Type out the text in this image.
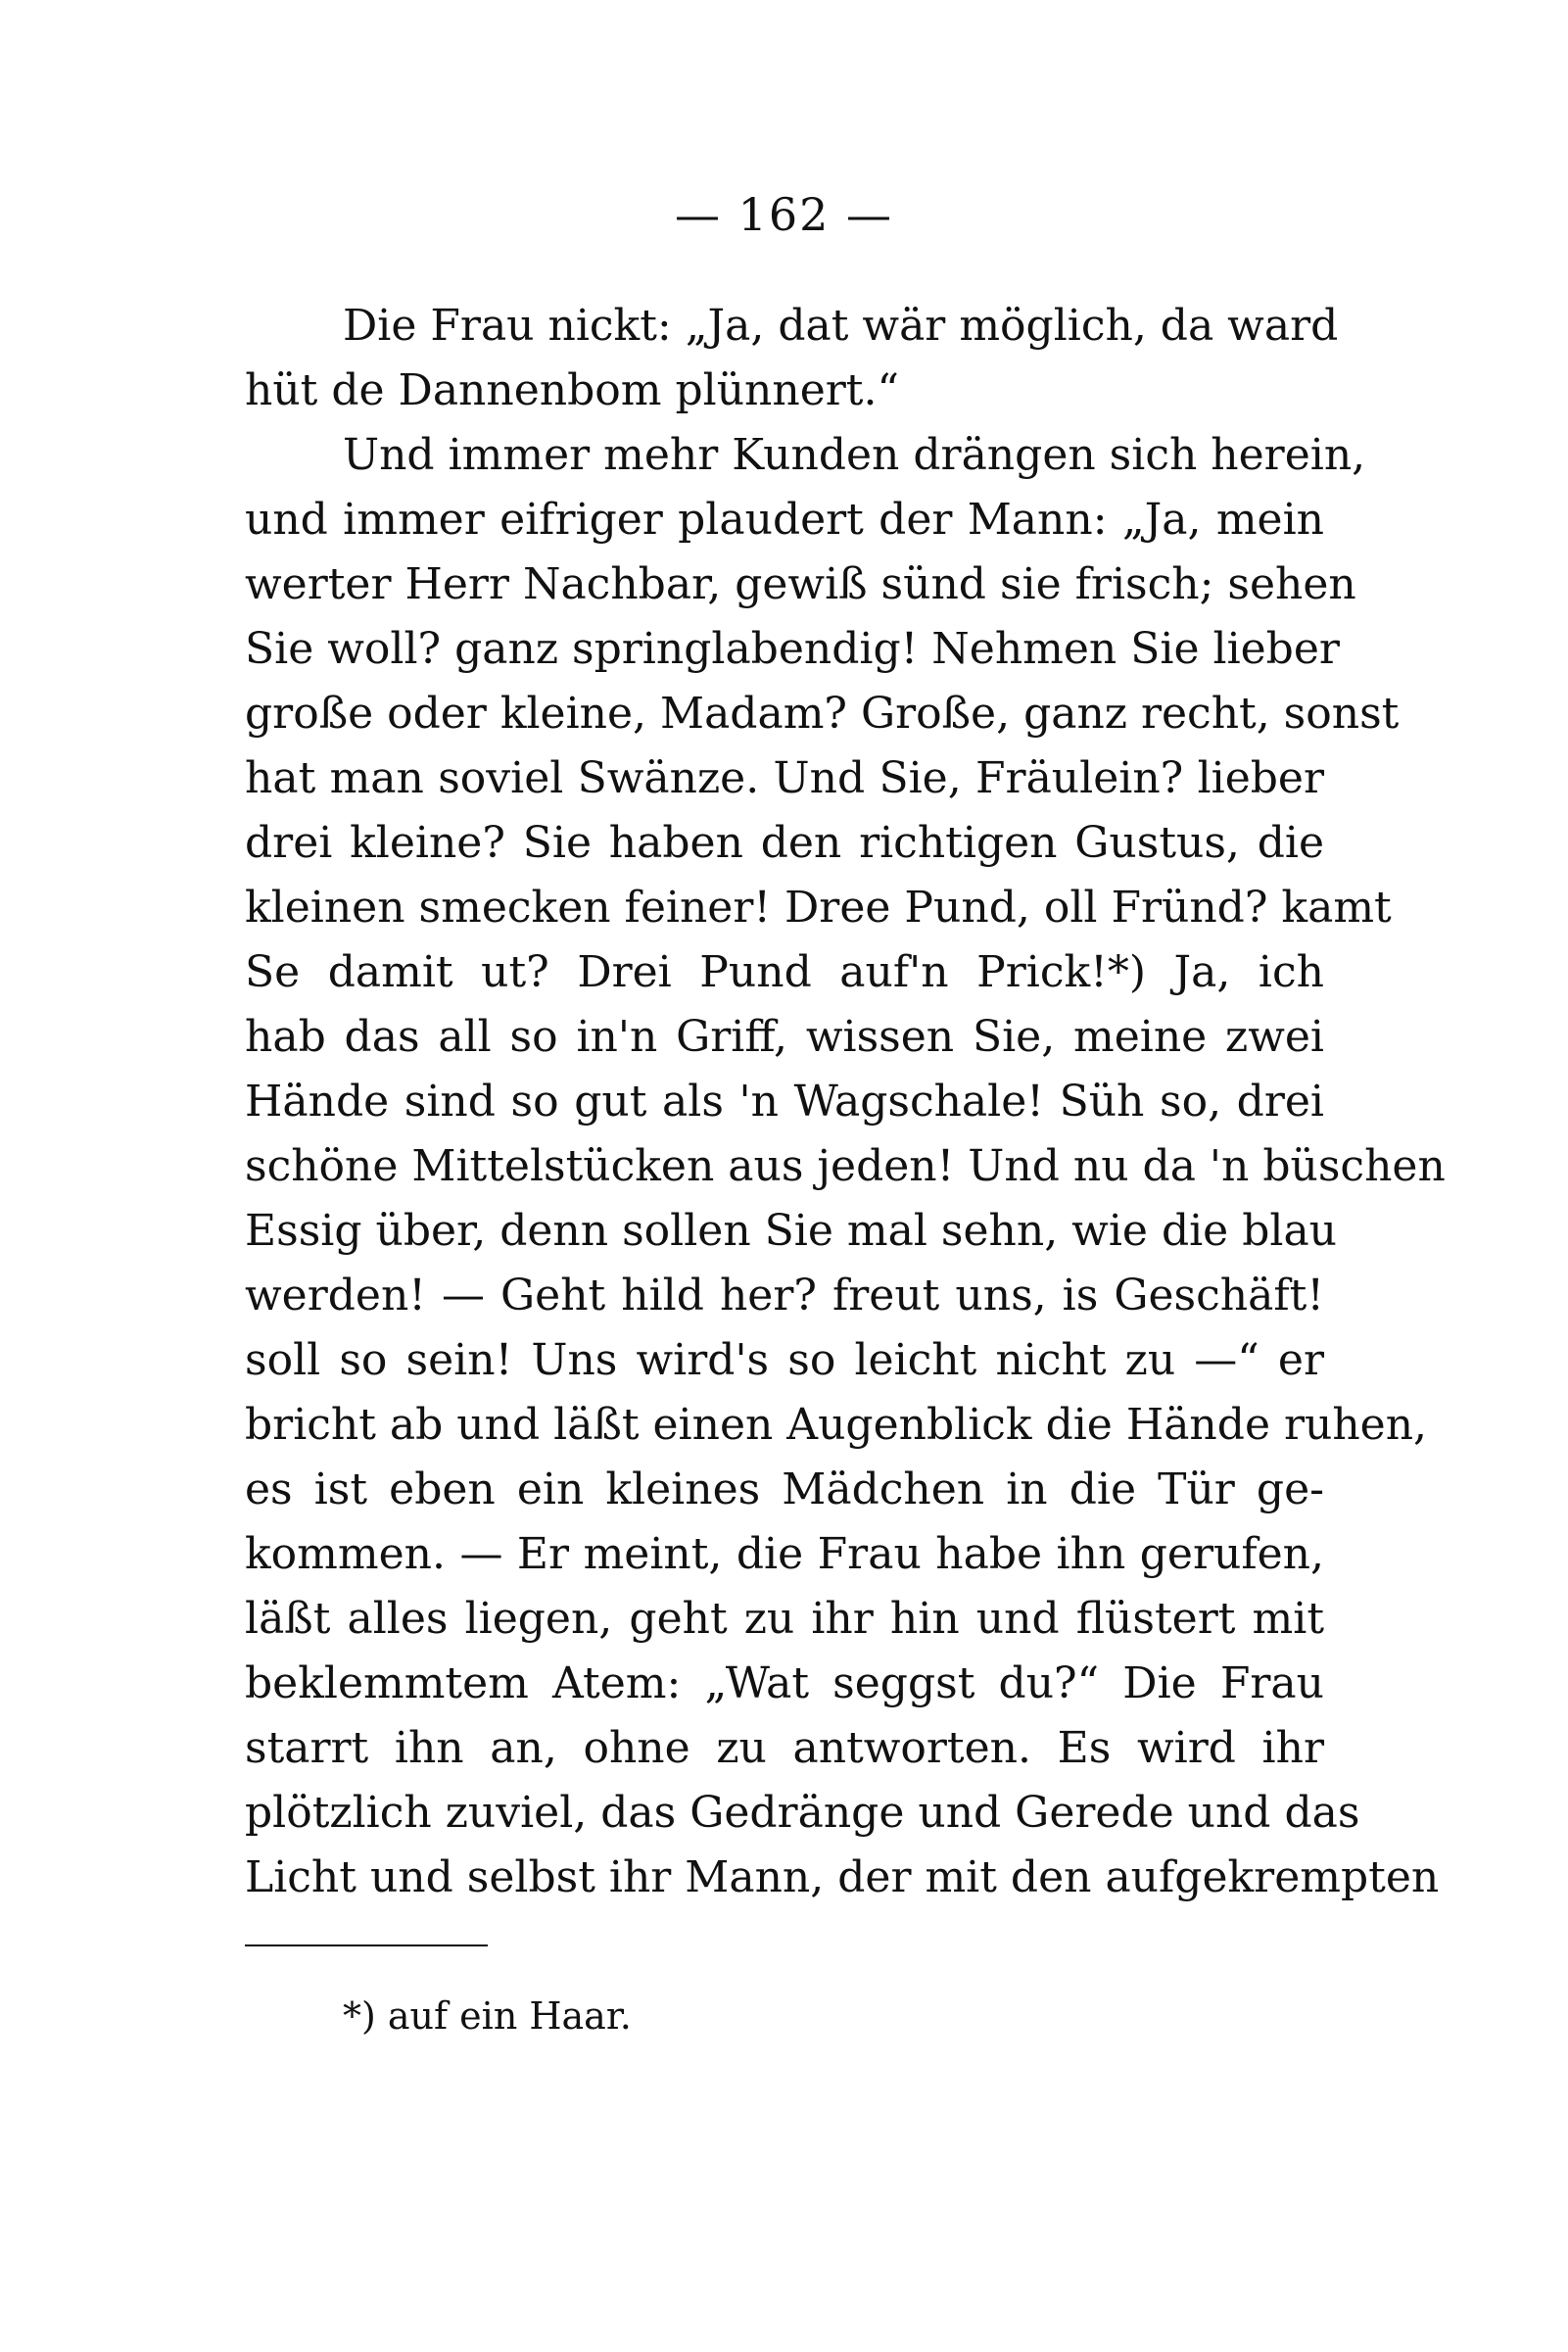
— 162 —
Die Frau nickt: „Ja, dat wär möglich, da ward
hüt de Dannenbom plünnert.“
Und immer mehr Kunden drängen sich herein,
und immer eifriger plaudert der Mann: „Ja, mein
werter Herr Nachbar, gewiß sünd sie frisch; sehen
Sie woll? ganz springlabendig! Nehmen Sie lieber
große oder kleine, Madam? Große, ganz recht, sonst
hat man soviel Swänze. Und Sie, Fräulein? lieber
drei kleine? Sie haben den richtigen Gustus, die
kleinen smecken feiner! Dree Pund, oll Fründ? kamt
Se damit ut? Drei Pund auf'n Prick!*) Ja, ich
hab das all so in'n Griff, wissen Sie, meine zwei
Hände sind so gut als 'n Wagschale! Süh so, drei
schöne Mittelstücken aus jeden! Und nu da 'n büschen
Essig über, denn sollen Sie mal sehn, wie die blau
werden! — Geht hild her? freut uns, is Geschäft!
soll so sein! Uns wird's so leicht nicht zu —“ er
bricht ab und läßt einen Augenblick die Hände ruhen,
es ist eben ein kleines Mädchen in die Tür ge-
kommen. — Er meint, die Frau habe ihn gerufen,
läßt alles liegen, geht zu ihr hin und flüstert mit
beklemmtem Atem: „Wat seggst du?“ Die Frau
starrt ihn an, ohne zu antworten. Es wird ihr
plötzlich zuviel, das Gedränge und Gerede und das
Licht und selbst ihr Mann, der mit den aufgekrempten
*) auf ein Haar.
